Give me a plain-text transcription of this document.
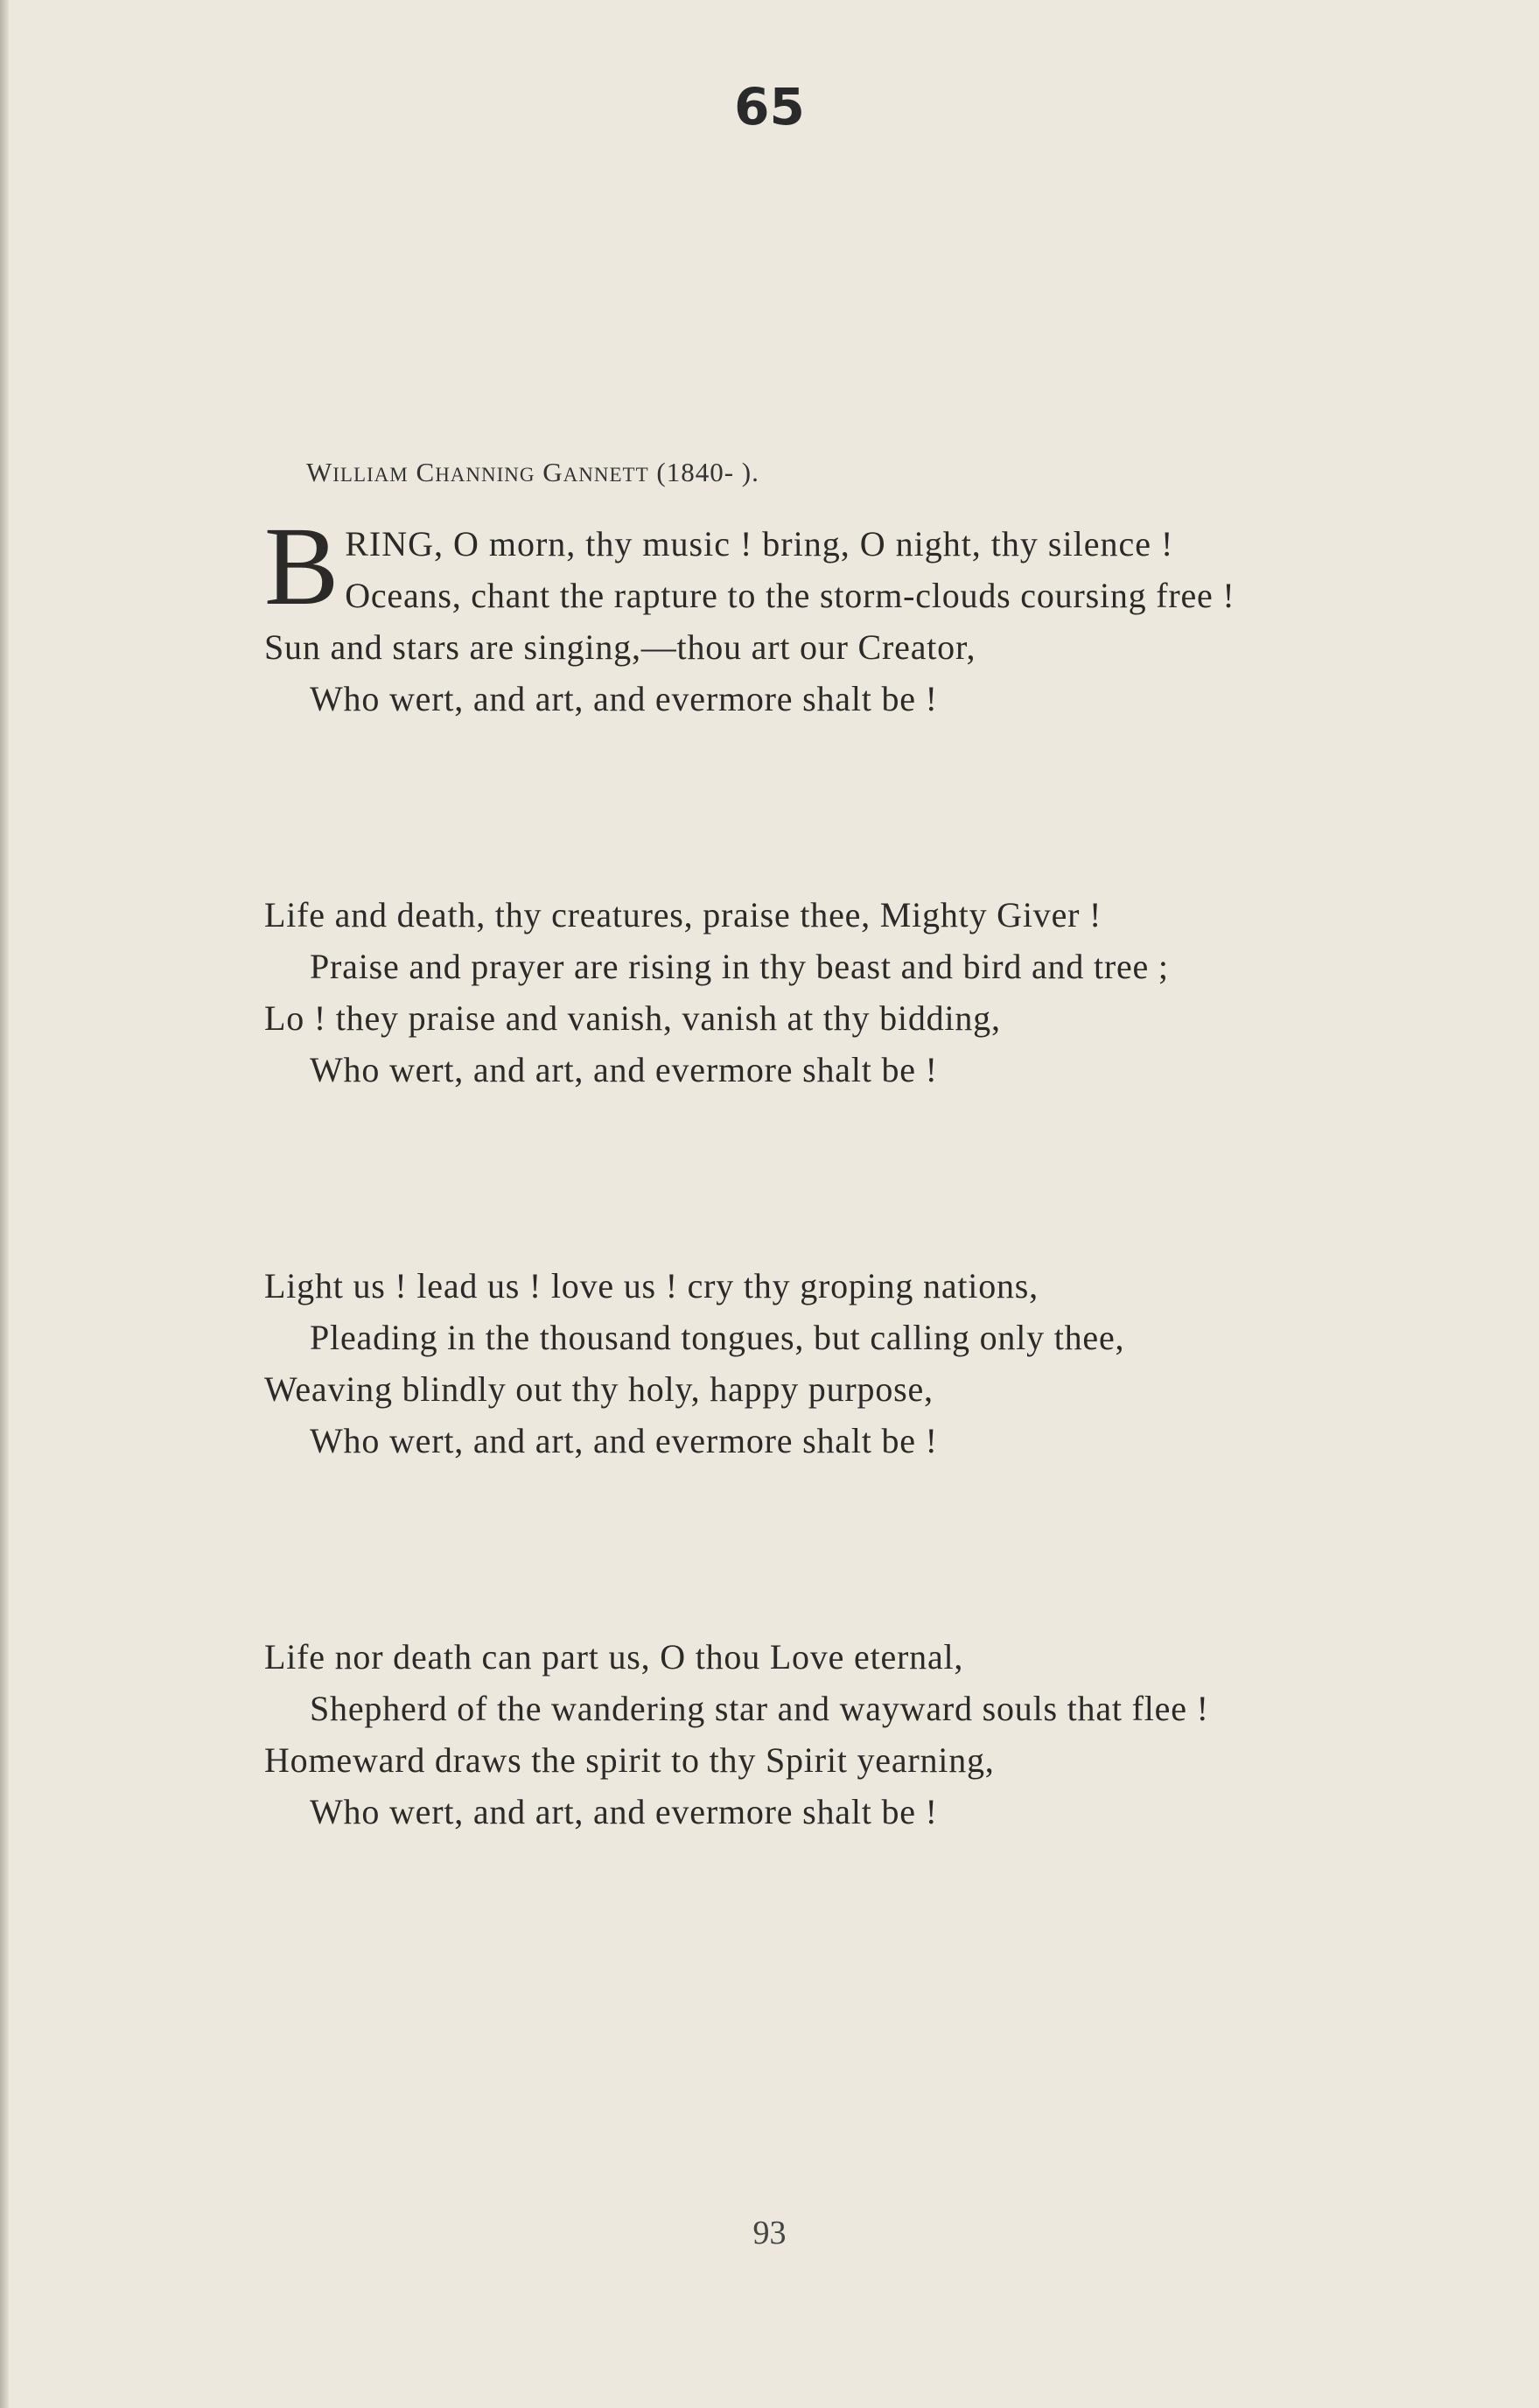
65
WILLIAM CHANNING GANNETT (1840- ).
BRING, O morn, thy music ! bring, O night, thy silence !
Oceans, chant the rapture to the storm-clouds coursing free !
Sun and stars are singing,—thou art our Creator,
Who wert, and art, and evermore shalt be !
Life and death, thy creatures, praise thee, Mighty Giver !
Praise and prayer are rising in thy beast and bird and tree ;
Lo ! they praise and vanish, vanish at thy bidding,
Who wert, and art, and evermore shalt be !
Light us ! lead us ! love us ! cry thy groping nations,
Pleading in the thousand tongues, but calling only thee,
Weaving blindly out thy holy, happy purpose,
Who wert, and art, and evermore shalt be !
Life nor death can part us, O thou Love eternal,
Shepherd of the wandering star and wayward souls that flee !
Homeward draws the spirit to thy Spirit yearning,
Who wert, and art, and evermore shalt be !
93
